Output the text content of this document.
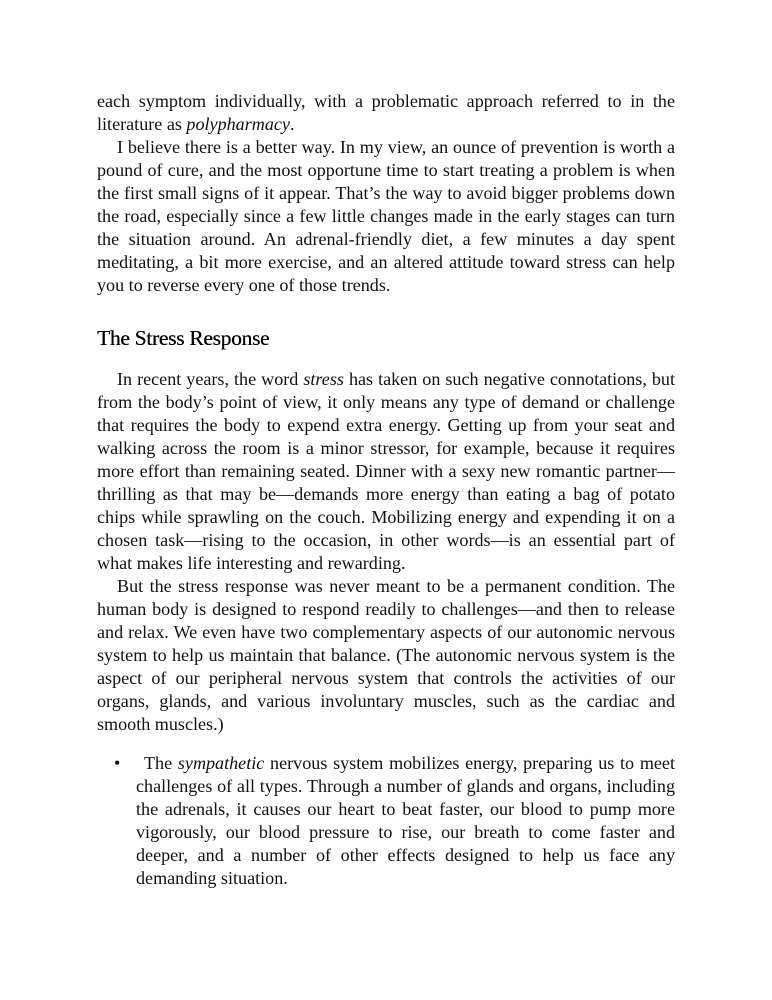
each symptom individually, with a problematic approach referred to in the literature as polypharmacy.

I believe there is a better way. In my view, an ounce of prevention is worth a pound of cure, and the most opportune time to start treating a problem is when the first small signs of it appear. That’s the way to avoid bigger problems down the road, especially since a few little changes made in the early stages can turn the situation around. An adrenal-friendly diet, a few minutes a day spent meditating, a bit more exercise, and an altered attitude toward stress can help you to reverse every one of those trends.

The Stress Response

In recent years, the word stress has taken on such negative connotations, but from the body’s point of view, it only means any type of demand or challenge that requires the body to expend extra energy. Getting up from your seat and walking across the room is a minor stressor, for example, because it requires more effort than remaining seated. Dinner with a sexy new romantic partner—thrilling as that may be—demands more energy than eating a bag of potato chips while sprawling on the couch. Mobilizing energy and expending it on a chosen task—rising to the occasion, in other words—is an essential part of what makes life interesting and rewarding.

But the stress response was never meant to be a permanent condition. The human body is designed to respond readily to challenges—and then to release and relax. We even have two complementary aspects of our autonomic nervous system to help us maintain that balance. (The autonomic nervous system is the aspect of our peripheral nervous system that controls the activities of our organs, glands, and various involuntary muscles, such as the cardiac and smooth muscles.)

•	The sympathetic nervous system mobilizes energy, preparing us to meet challenges of all types. Through a number of glands and organs, including the adrenals, it causes our heart to beat faster, our blood to pump more vigorously, our blood pressure to rise, our breath to come faster and deeper, and a number of other effects designed to help us face any demanding situation.
